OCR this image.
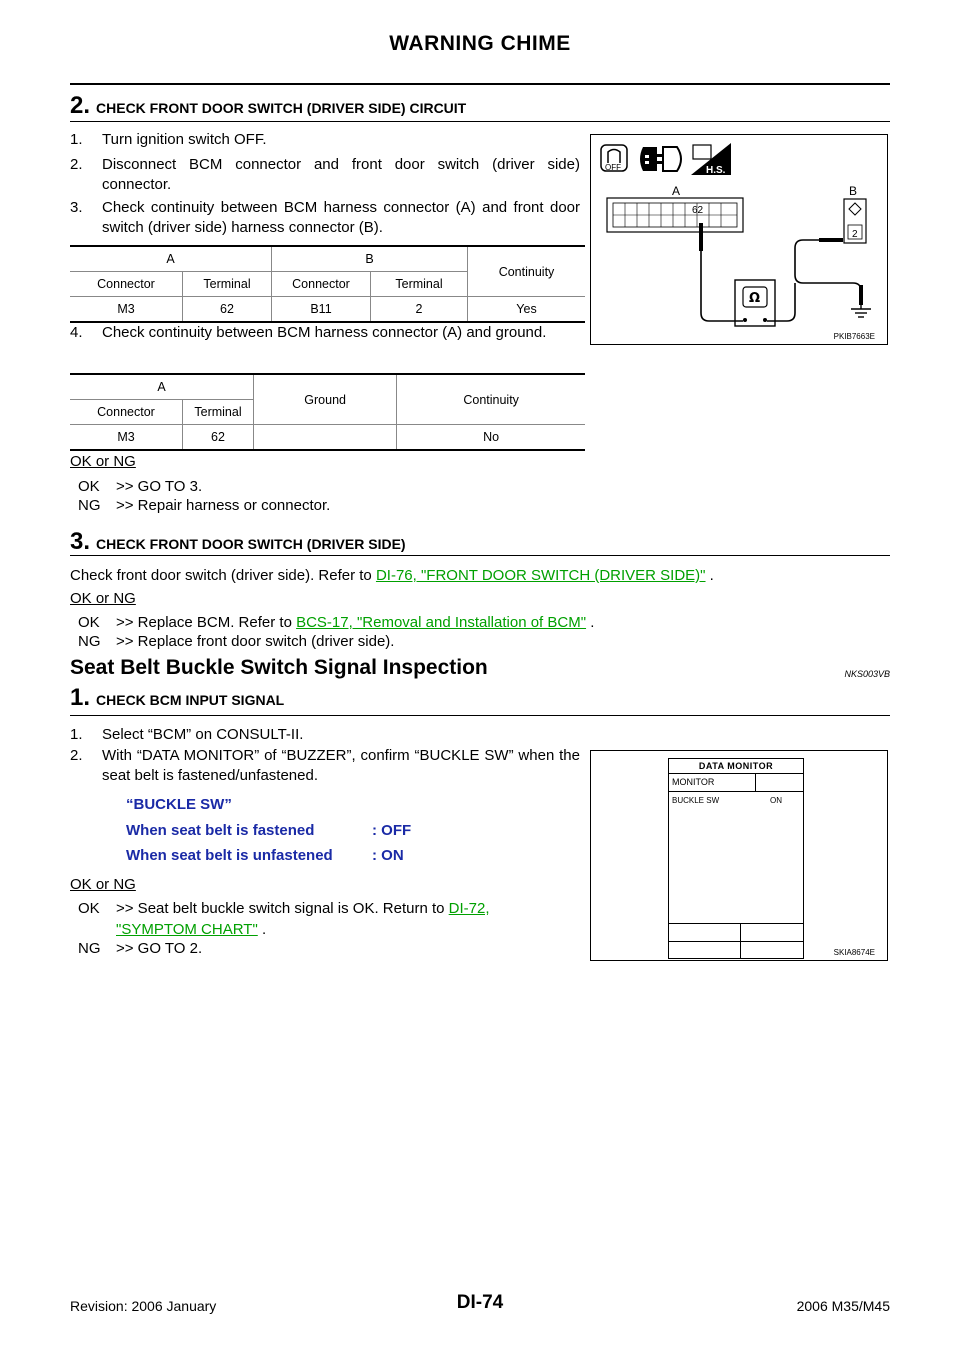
WARNING CHIME
2. CHECK FRONT DOOR SWITCH (DRIVER SIDE) CIRCUIT
1. Turn ignition switch OFF.
2. Disconnect BCM connector and front door switch (driver side) connector.
3. Check continuity between BCM harness connector (A) and front door switch (driver side) harness connector (B).
A		B		Continuity
Connector	Terminal	Connector	Terminal	
M3	62	B11	2	Yes
4. Check continuity between BCM harness connector (A) and ground.
A		Ground	Continuity
Connector	Terminal		
M3	62		No
OK or NG
OK >> GO TO 3.
NG >> Repair harness or connector.
OFF	H.S.
A	B
62
2
Ω
PKIB7663E
3. CHECK FRONT DOOR SWITCH (DRIVER SIDE)
Check front door switch (driver side). Refer to DI-76, "FRONT DOOR SWITCH (DRIVER SIDE)" .
OK or NG
OK >> Replace BCM. Refer to BCS-17, "Removal and Installation of BCM" .
NG >> Replace front door switch (driver side).
Seat Belt Buckle Switch Signal Inspection	NKS003VB
1. CHECK BCM INPUT SIGNAL
1. Select “BCM” on CONSULT-II.
2. With “DATA MONITOR” of “BUZZER”, confirm “BUCKLE SW” when the seat belt is fastened/unfastened.
“BUCKLE SW”
When seat belt is fastened	: OFF
When seat belt is unfastened	: ON
OK or NG
OK >> Seat belt buckle switch signal is OK. Return to DI-72,
"SYMPTOM CHART" .
NG >> GO TO 2.
DATA MONITOR
MONITOR
BUCKLE SW	ON
SKIA8674E
Revision: 2006 January	DI-74	2006 M35/M45
